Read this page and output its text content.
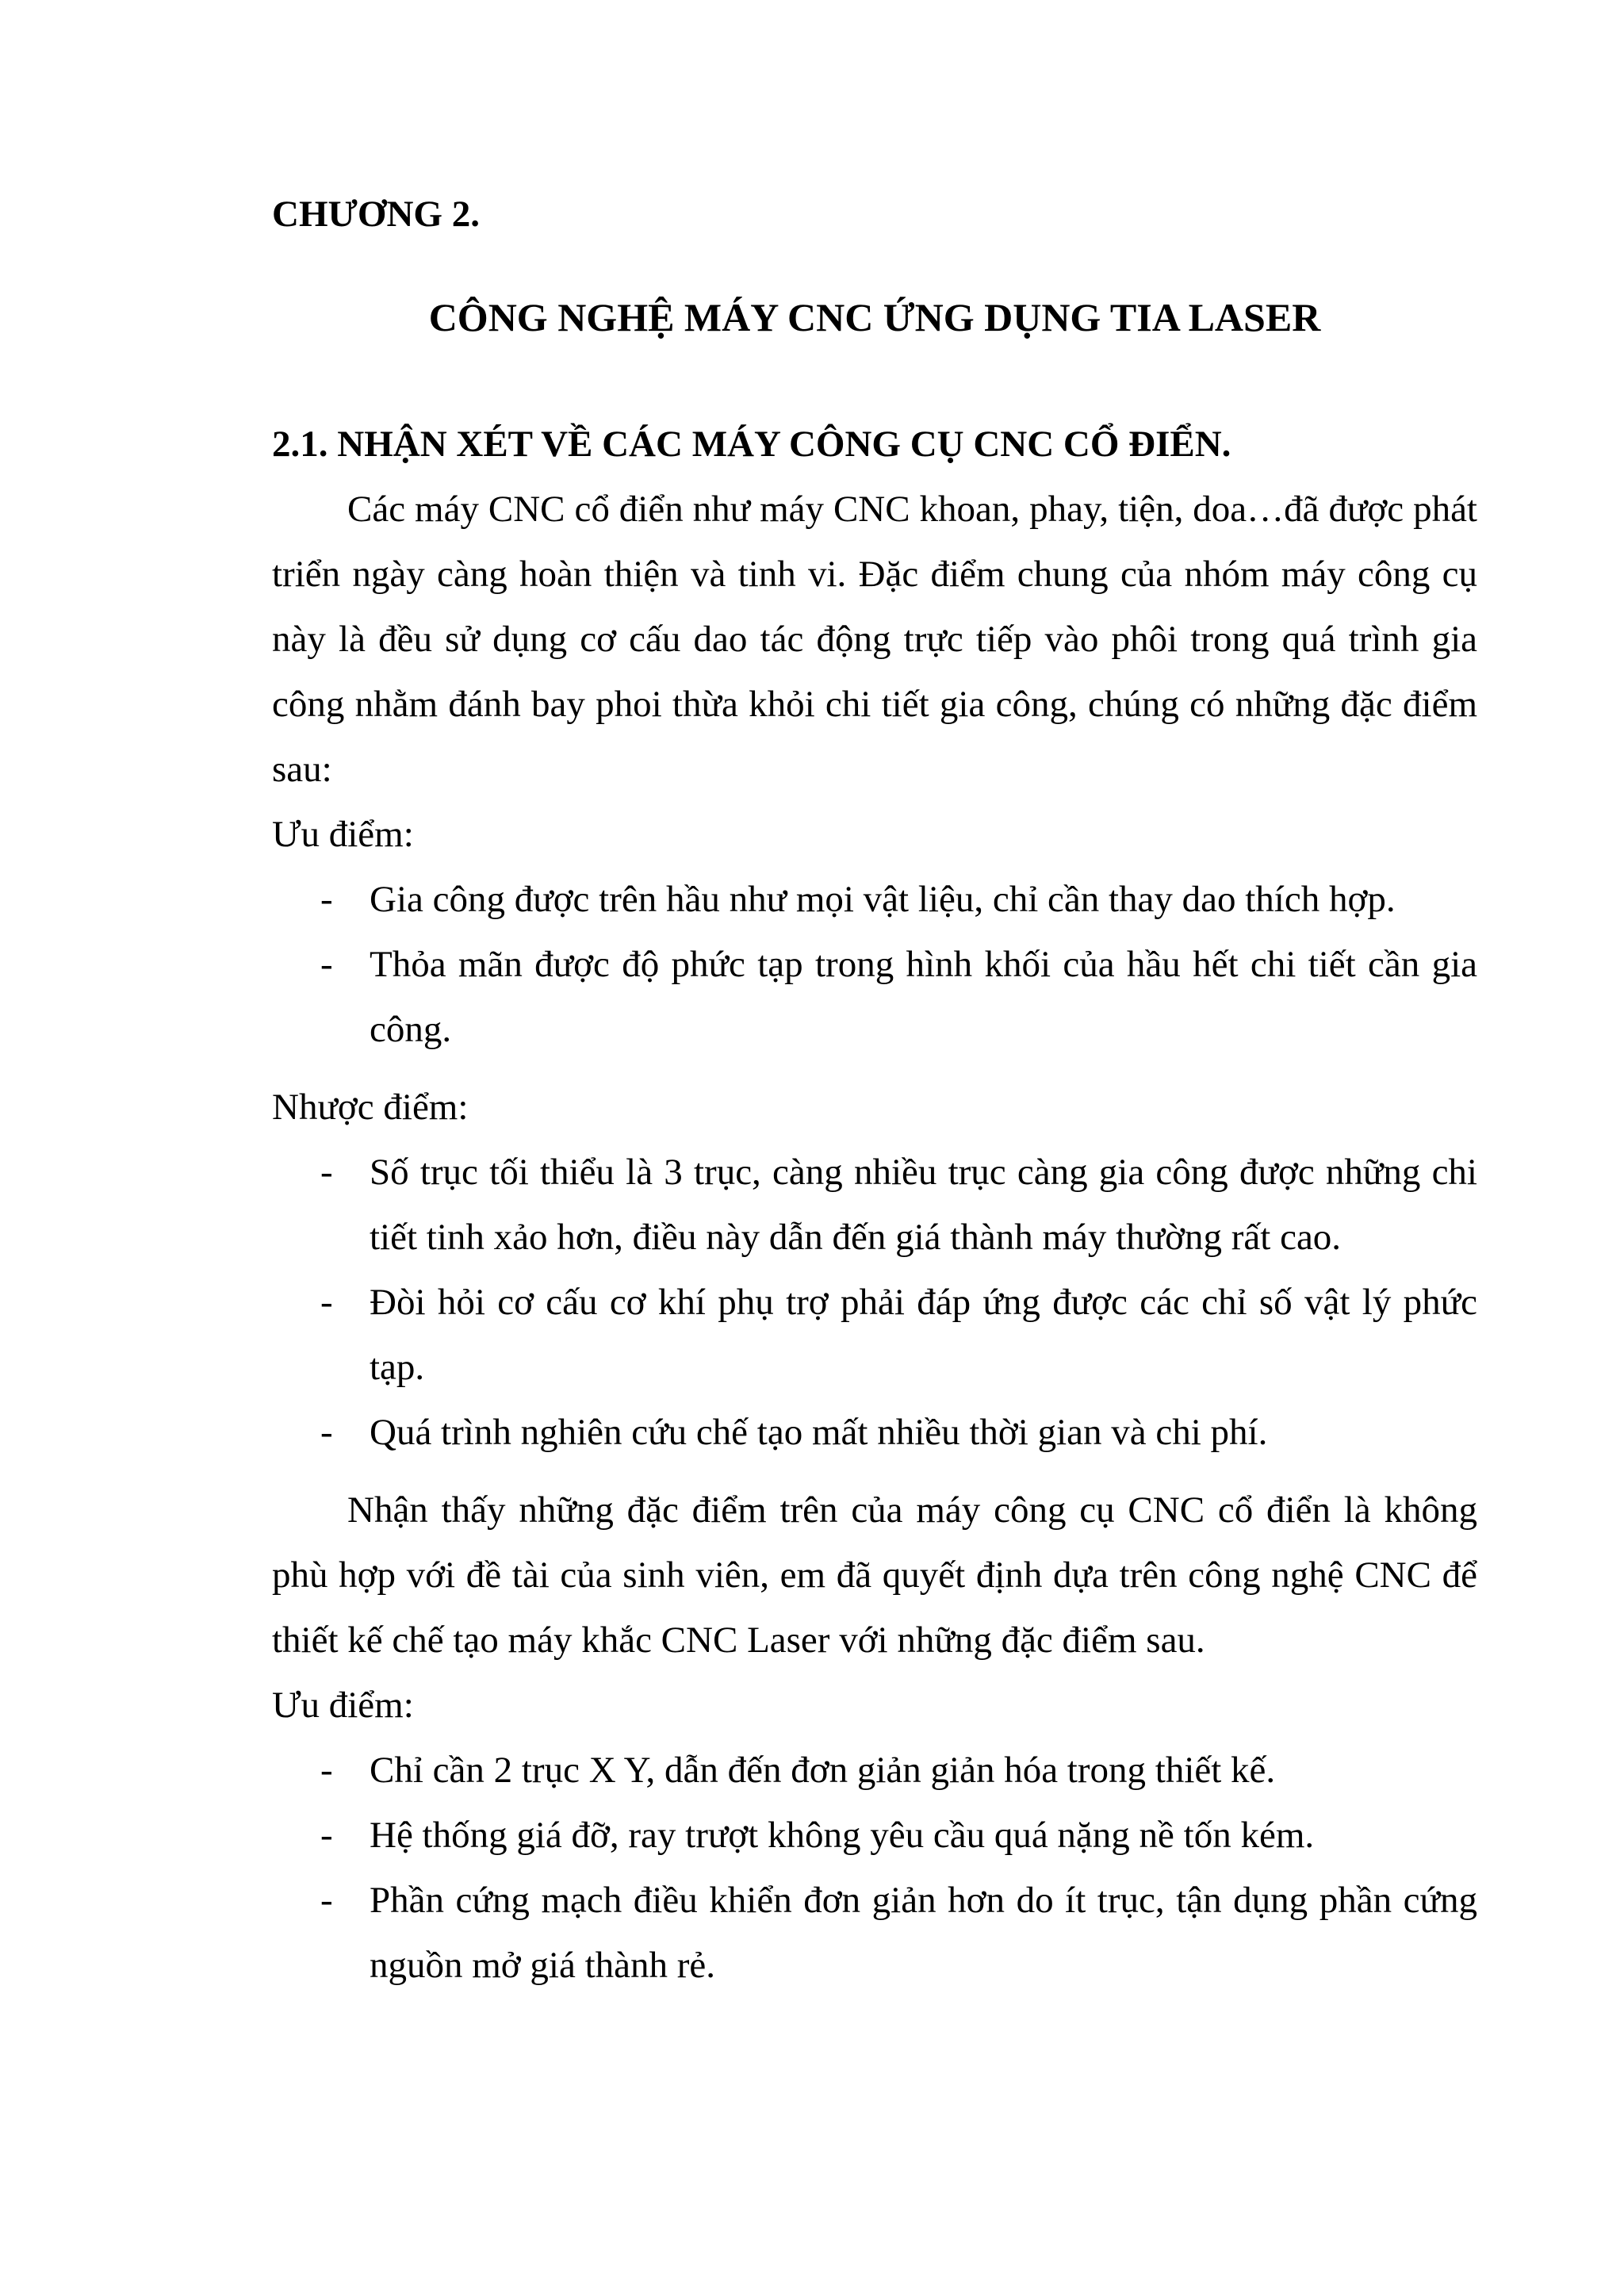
CHƯƠNG 2.

CÔNG NGHỆ MÁY CNC ỨNG DỤNG TIA LASER

2.1. NHẬN XÉT VỀ CÁC MÁY CÔNG CỤ CNC CỔ ĐIỂN.

Các máy CNC cổ điển như máy CNC khoan, phay, tiện, doa…đã được phát triển ngày càng hoàn thiện và tinh vi. Đặc điểm chung của nhóm máy công cụ này là đều sử dụng cơ cấu dao tác động trực tiếp vào phôi trong quá trình gia công nhằm đánh bay phoi thừa khỏi chi tiết gia công, chúng có những đặc điểm sau:

Ưu điểm:

- Gia công được trên hầu như mọi vật liệu, chỉ cần thay dao thích hợp.
- Thỏa mãn được độ phức tạp trong hình khối của hầu hết chi tiết cần gia công.

Nhược điểm:

- Số trục tối thiểu là 3 trục, càng nhiều trục càng gia công được những chi tiết tinh xảo hơn, điều này dẫn đến giá thành máy thường rất cao.
- Đòi hỏi cơ cấu cơ khí phụ trợ phải đáp ứng được các chỉ số vật lý phức tạp.
- Quá trình nghiên cứu chế tạo mất nhiều thời gian và chi phí.

Nhận thấy những đặc điểm trên của máy công cụ CNC cổ điển là không phù hợp với đề tài của sinh viên, em đã quyết định dựa trên công nghệ CNC để thiết kế chế tạo máy khắc CNC Laser với những đặc điểm sau.

Ưu điểm:

- Chỉ cần 2 trục X Y, dẫn đến đơn giản giản hóa trong thiết kế.
- Hệ thống giá đỡ, ray trượt không yêu cầu quá nặng nề tốn kém.
- Phần cứng mạch điều khiển đơn giản hơn do ít trục, tận dụng phần cứng nguồn mở giá thành rẻ.
